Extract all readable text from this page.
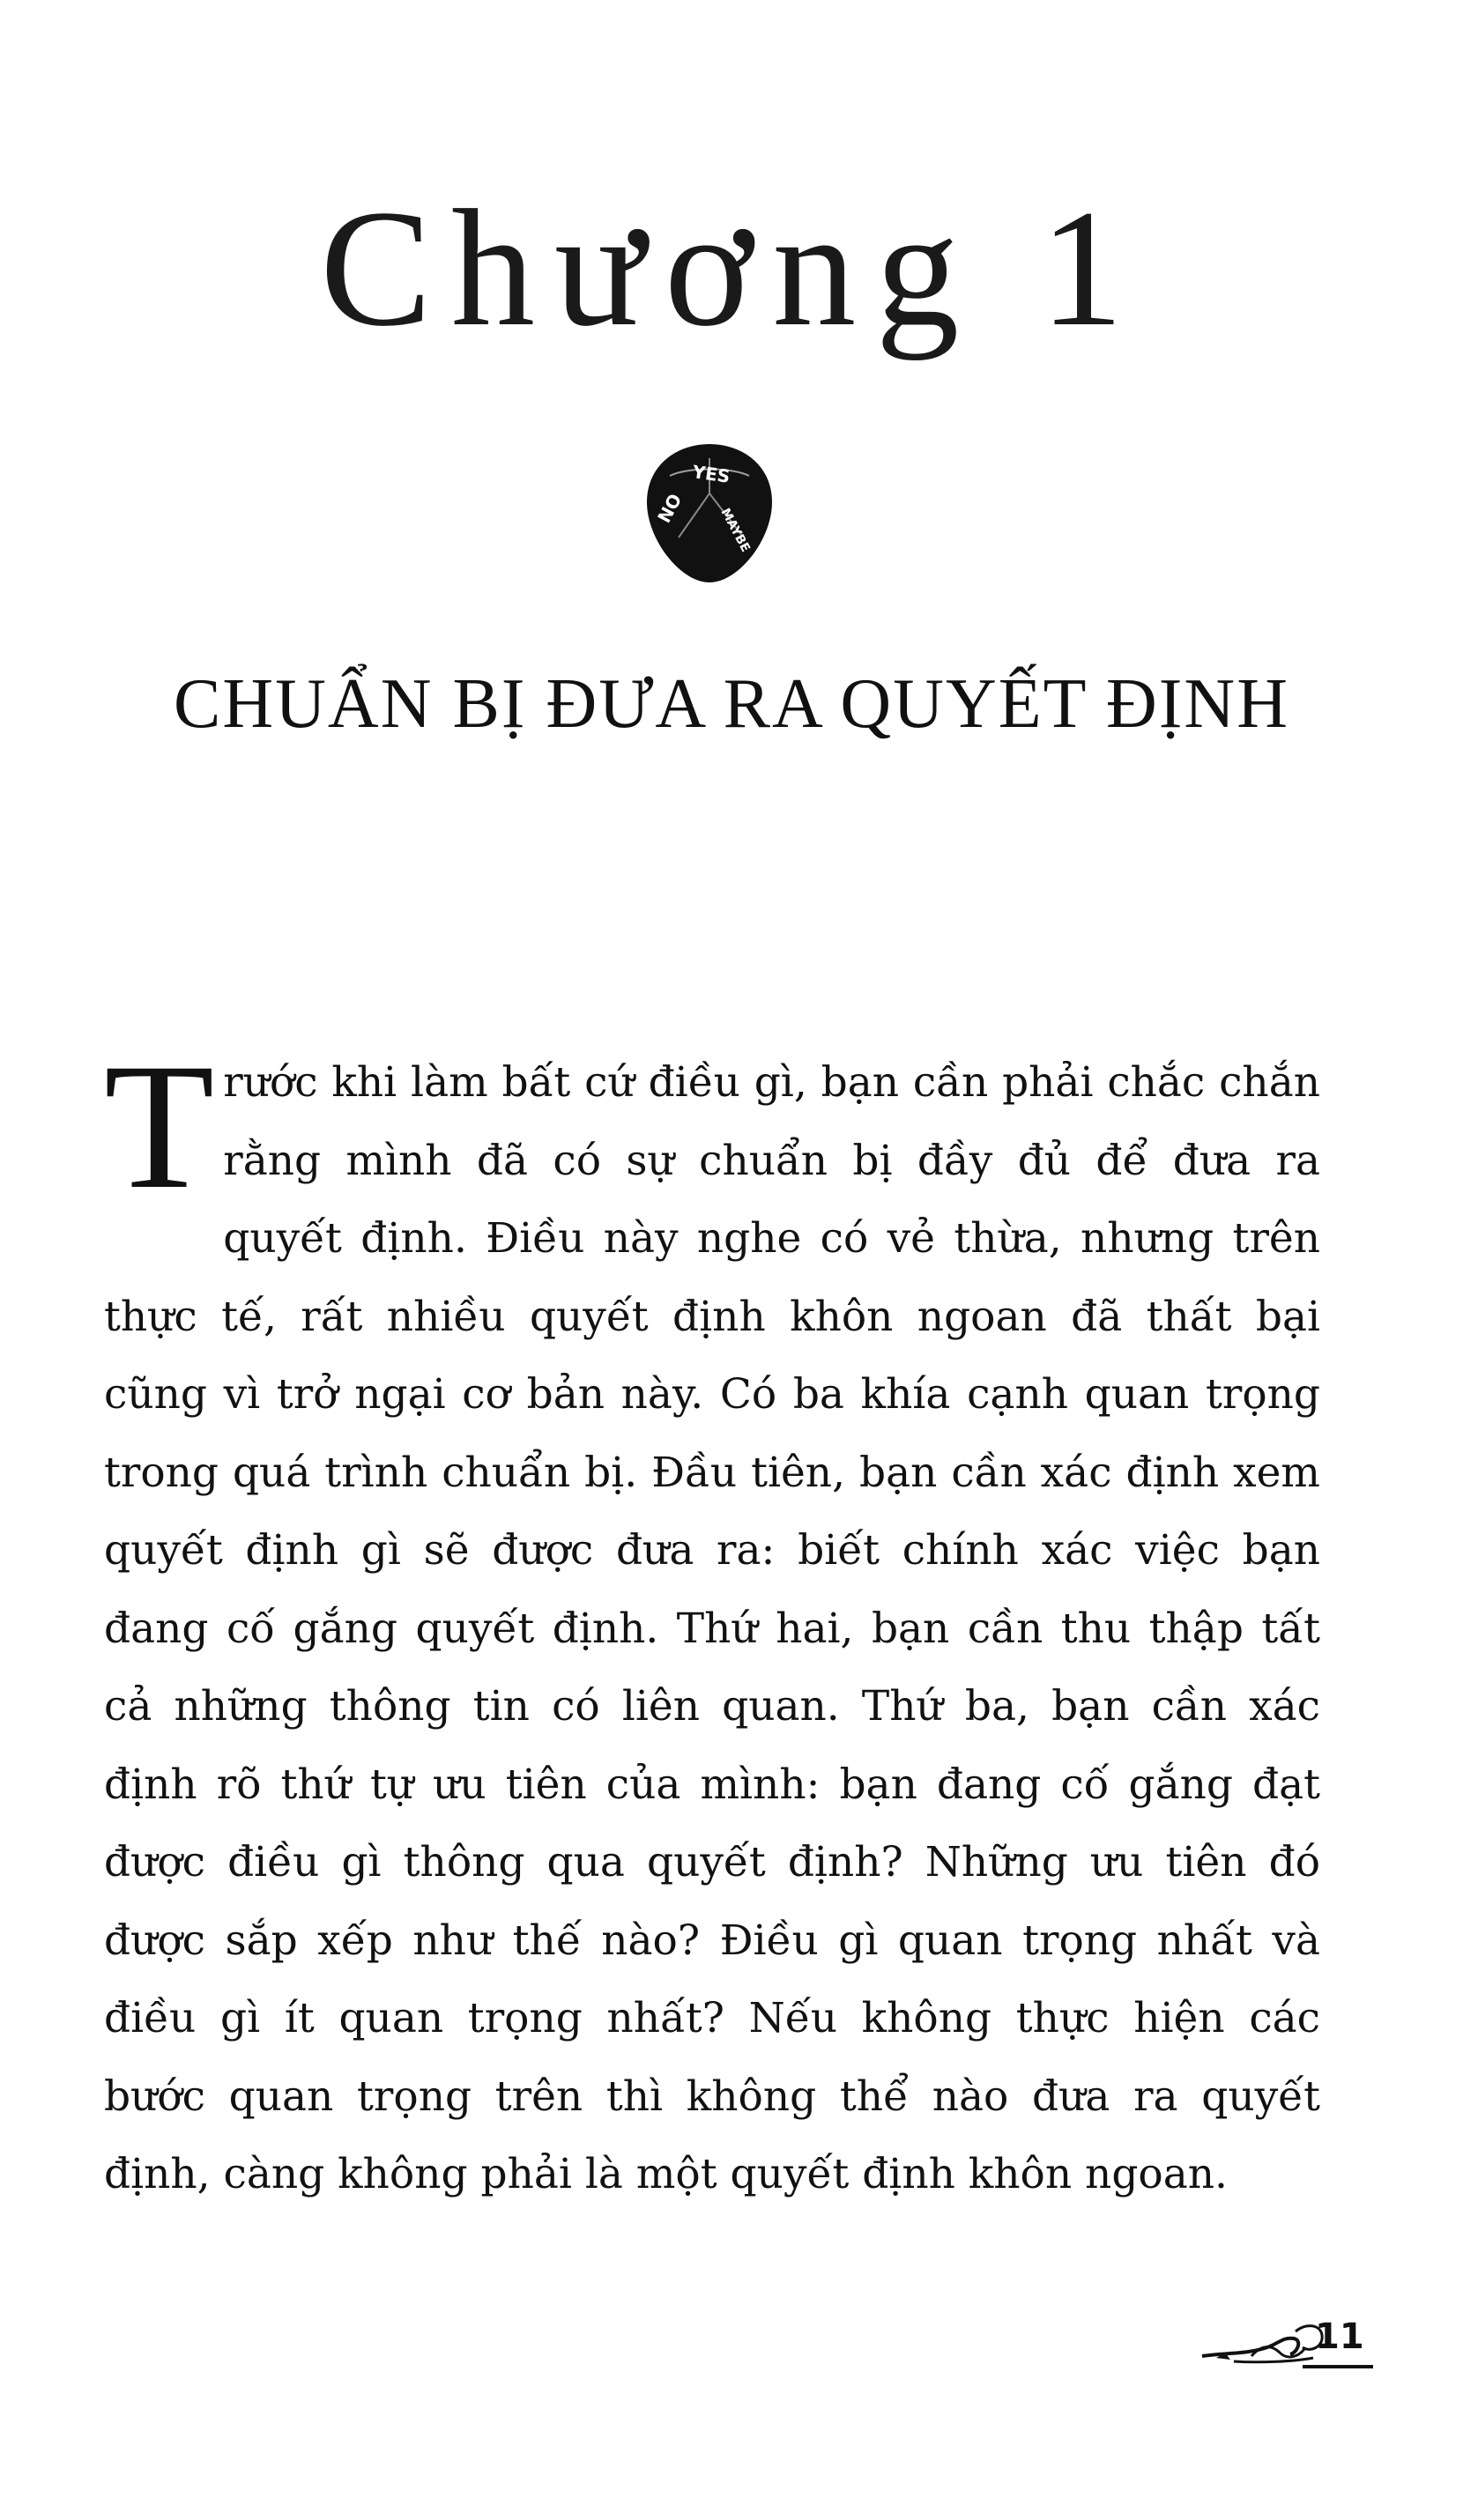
Chương 1
YES
NO	MAYBE
CHUẨN BỊ ĐƯA RA QUYẾT ĐỊNH
Trước khi làm bất cứ điều gì, bạn cần phải chắc chắn rằng mình đã có sự chuẩn bị đầy đủ để đưa ra quyết định. Điều này nghe có vẻ thừa, nhưng trên thực tế, rất nhiều quyết định khôn ngoan đã thất bại cũng vì trở ngại cơ bản này. Có ba khía cạnh quan trọng trong quá trình chuẩn bị. Đầu tiên, bạn cần xác định xem quyết định gì sẽ được đưa ra: biết chính xác việc bạn đang cố gắng quyết định. Thứ hai, bạn cần thu thập tất cả những thông tin có liên quan. Thứ ba, bạn cần xác định rõ thứ tự ưu tiên của mình: bạn đang cố gắng đạt được điều gì thông qua quyết định? Những ưu tiên đó được sắp xếp như thế nào? Điều gì quan trọng nhất và điều gì ít quan trọng nhất? Nếu không thực hiện các bước quan trọng trên thì không thể nào đưa ra quyết định, càng không phải là một quyết định khôn ngoan.
11
